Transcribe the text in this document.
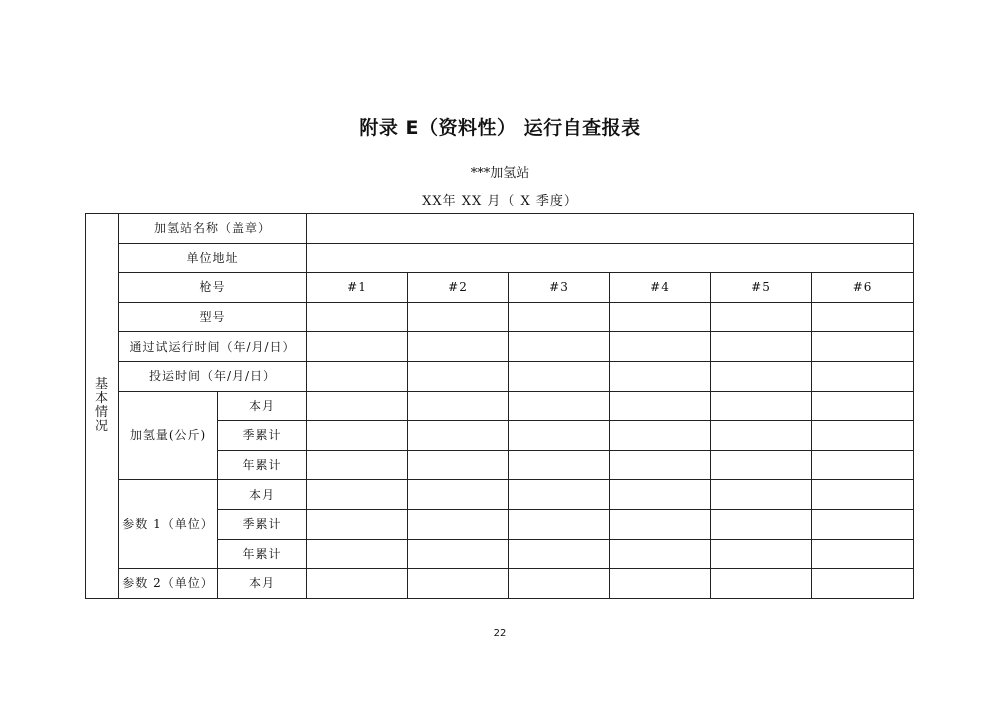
附录 E（资料性） 运行自查报表
***加氢站
XX年 XX 月（ X 季度）
基
本
情
况	加氢站名称（盖章）							
	单位地址							
	枪号		#1	#2	#3	#4	#5	#6
	型号							
	通过试运行时间（年/月/日）							
	投运时间（年/月/日）							
	加氢量(公斤)	本月						
		季累计						
		年累计						
	参数 1（单位）	本月						
		季累计						
		年累计						
	参数 2（单位）	本月						
22
